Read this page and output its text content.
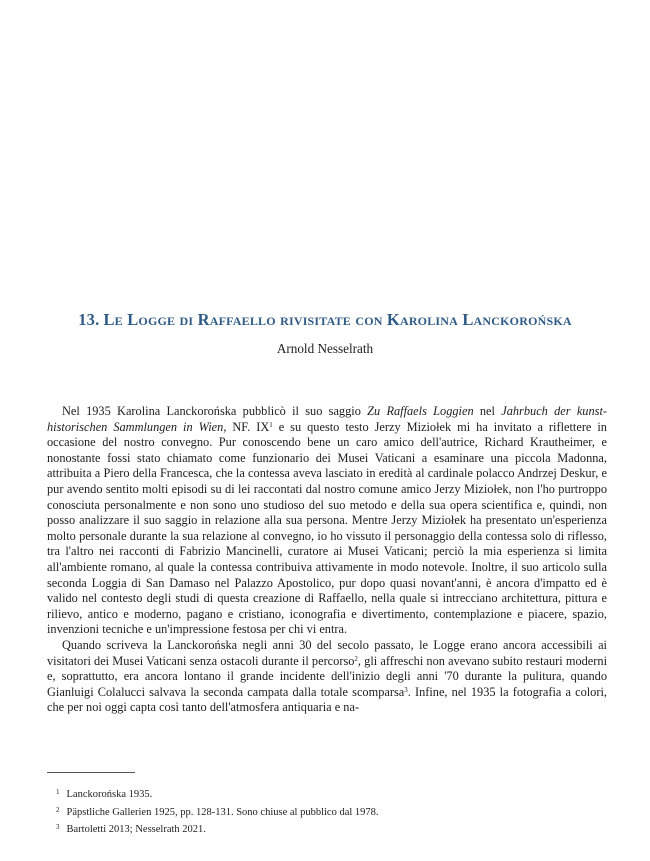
13. Le Logge di Raffaello rivisitate con Karolina Lanckorońska
Arnold Nesselrath

Nel 1935 Karolina Lanckorońska pubblicò il suo saggio Zu Raffaels Loggien nel Jahrbuch der kunst-historischen Sammlungen in Wien, NF. $IX^1$ e su questo testo Jerzy Miziołek mi ha invitato a riflettere in occasione del nostro convegno. Pur conoscendo bene un caro amico dell'autrice, Richard Krautheimer, e nonostante fossi stato chiamato come funzionario dei Musei Vaticani a esaminare una piccola Madonna, attribuita a Piero della Francesca, che la contessa aveva lasciato in eredità al cardinale polacco Andrzej Deskur, e pur avendo sentito molti episodi su di lei raccontati dal nostro comune amico Jerzy Miziołek, non l'ho purtroppo conosciuta personalmente e non sono uno studioso del suo metodo e della sua opera scientifica e, quindi, non posso analizzare il suo saggio in relazione alla sua persona. Mentre Jerzy Miziołek ha presentato un'esperienza molto personale durante la sua relazione al convegno, io ho vissuto il personaggio della contessa solo di riflesso, tra l'altro nei racconti di Fabrizio Mancinelli, curatore ai Musei Vaticani; perciò la mia esperienza si limita all'ambiente romano, al quale la contessa contribuiva attivamente in modo notevole. Inoltre, il suo articolo sulla seconda Loggia di San Damaso nel Palazzo Apostolico, pur dopo quasi novant'anni, è ancora d'impatto ed è valido nel contesto degli studi di questa creazione di Raffaello, nella quale si intrecciano architettura, pittura e rilievo, antico e moderno, pagano e cristiano, iconografia e divertimento, contemplazione e piacere, spazio, invenzioni tecniche e un'impressione festosa per chi vi entra.

Quando scriveva la Lanckorońska negli anni 30 del secolo passato, le Logge erano ancora accessibili ai visitatori dei Musei Vaticani senza ostacoli durante il percorso$^2$, gli affreschi non avevano subito restauri moderni e, soprattutto, era ancora lontano il grande incidente dell'inizio degli anni '70 durante la pulitura, quando Gianluigi Colalucci salvava la seconda campata dalla totale scomparsa$^3$. Infine, nel 1935 la fotografia a colori, che per noi oggi capta così tanto dell'atmosfera antiquaria e na-

$^1$ Lanckorońska 1935.
$^2$ Päpstliche Gallerien 1925, pp. 128-131. Sono chiuse al pubblico dal 1978.
$^3$ Bartoletti 2013; Nesselrath 2021.
